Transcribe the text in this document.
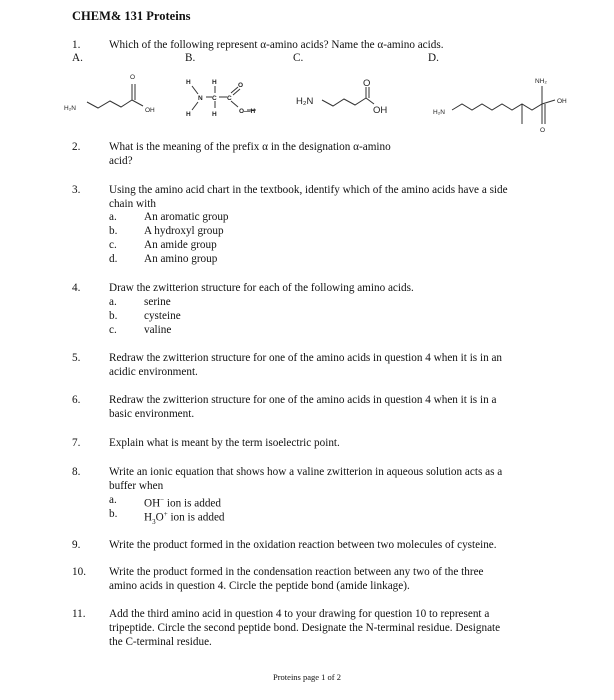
CHEM& 131 Proteins
1.	Which of the following represent α-amino acids? Name the α-amino acids.
A.	B.	C.	D.
H₂N
O
OH
H	H
H	H
N C C
O
O—H
H₂N
O
OH
NH₂
H₂N
OH
O
2.	What is the meaning of the prefix α in the designation α-amino
acid?
3.	Using the amino acid chart in the textbook, identify which of the amino acids have a side
chain with
a. An aromatic group
b. A hydroxyl group
c. An amide group
d. An amino group
4.	Draw the zwitterion structure for each of the following amino acids.
a. serine
b. cysteine
c. valine
5.	Redraw the zwitterion structure for one of the amino acids in question 4 when it is in an
acidic environment.
6.	Redraw the zwitterion structure for one of the amino acids in question 4 when it is in a
basic environment.
7.	Explain what is meant by the term isoelectric point.
8.	Write an ionic equation that shows how a valine zwitterion in aqueous solution acts as a
buffer when
a. OH− ion is added
b. $H_3O^+$ ion is added
9.	Write the product formed in the oxidation reaction between two molecules of cysteine.
10. Write the product formed in the condensation reaction between any two of the three
amino acids in question 4. Circle the peptide bond (amide linkage).
11. Add the third amino acid in question 4 to your drawing for question 10 to represent a
tripeptide. Circle the second peptide bond. Designate the N-terminal residue. Designate
the C-terminal residue.
Proteins page 1 of 2
